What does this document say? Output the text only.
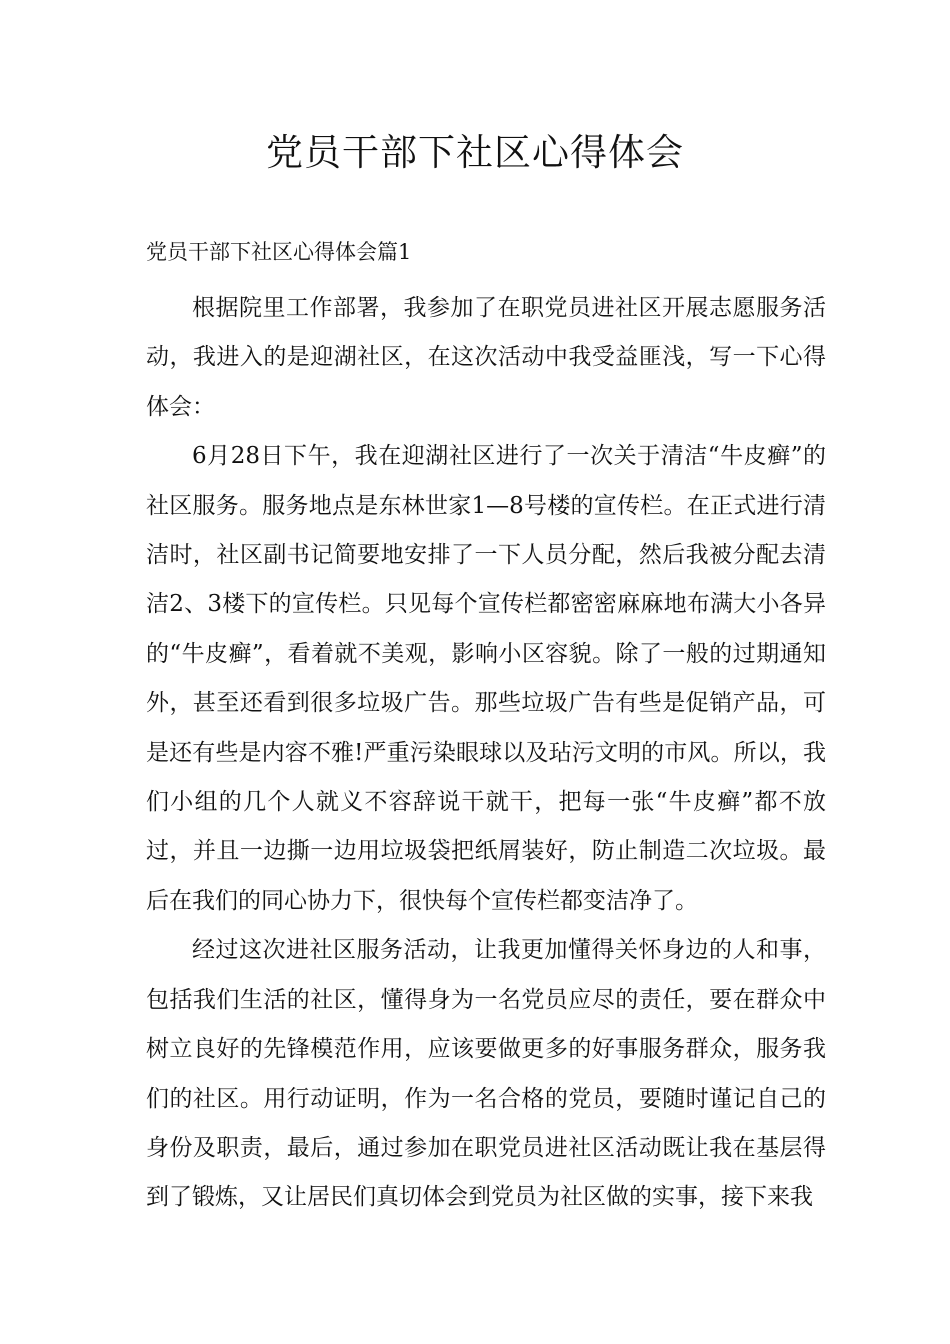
党员干部下社区心得体会

党员干部下社区心得体会篇1

根据院里工作部署，我参加了在职党员进社区开展志愿服务活动，我进入的是迎湖社区，在这次活动中我受益匪浅，写一下心得体会：

6月28日下午，我在迎湖社区进行了一次关于清洁“牛皮癣”的社区服务。服务地点是东林世家1—8号楼的宣传栏。在正式进行清洁时，社区副书记简要地安排了一下人员分配，然后我被分配去清洁2、3楼下的宣传栏。只见每个宣传栏都密密麻麻地布满大小各异的“牛皮癣”，看着就不美观，影响小区容貌。除了一般的过期通知外，甚至还看到很多垃圾广告。那些垃圾广告有些是促销产品，可是还有些是内容不雅!严重污染眼球以及玷污文明的市风。所以，我们小组的几个人就义不容辞说干就干，把每一张“牛皮癣”都不放过，并且一边撕一边用垃圾袋把纸屑装好，防止制造二次垃圾。最后在我们的同心协力下，很快每个宣传栏都变洁净了。

经过这次进社区服务活动，让我更加懂得关怀身边的人和事，包括我们生活的社区，懂得身为一名党员应尽的责任，要在群众中树立良好的先锋模范作用，应该要做更多的好事服务群众，服务我们的社区。用行动证明，作为一名合格的党员，要随时谨记自己的身份及职责，最后，通过参加在职党员进社区活动既让我在基层得到了锻炼，又让居民们真切体会到党员为社区做的实事，接下来我
